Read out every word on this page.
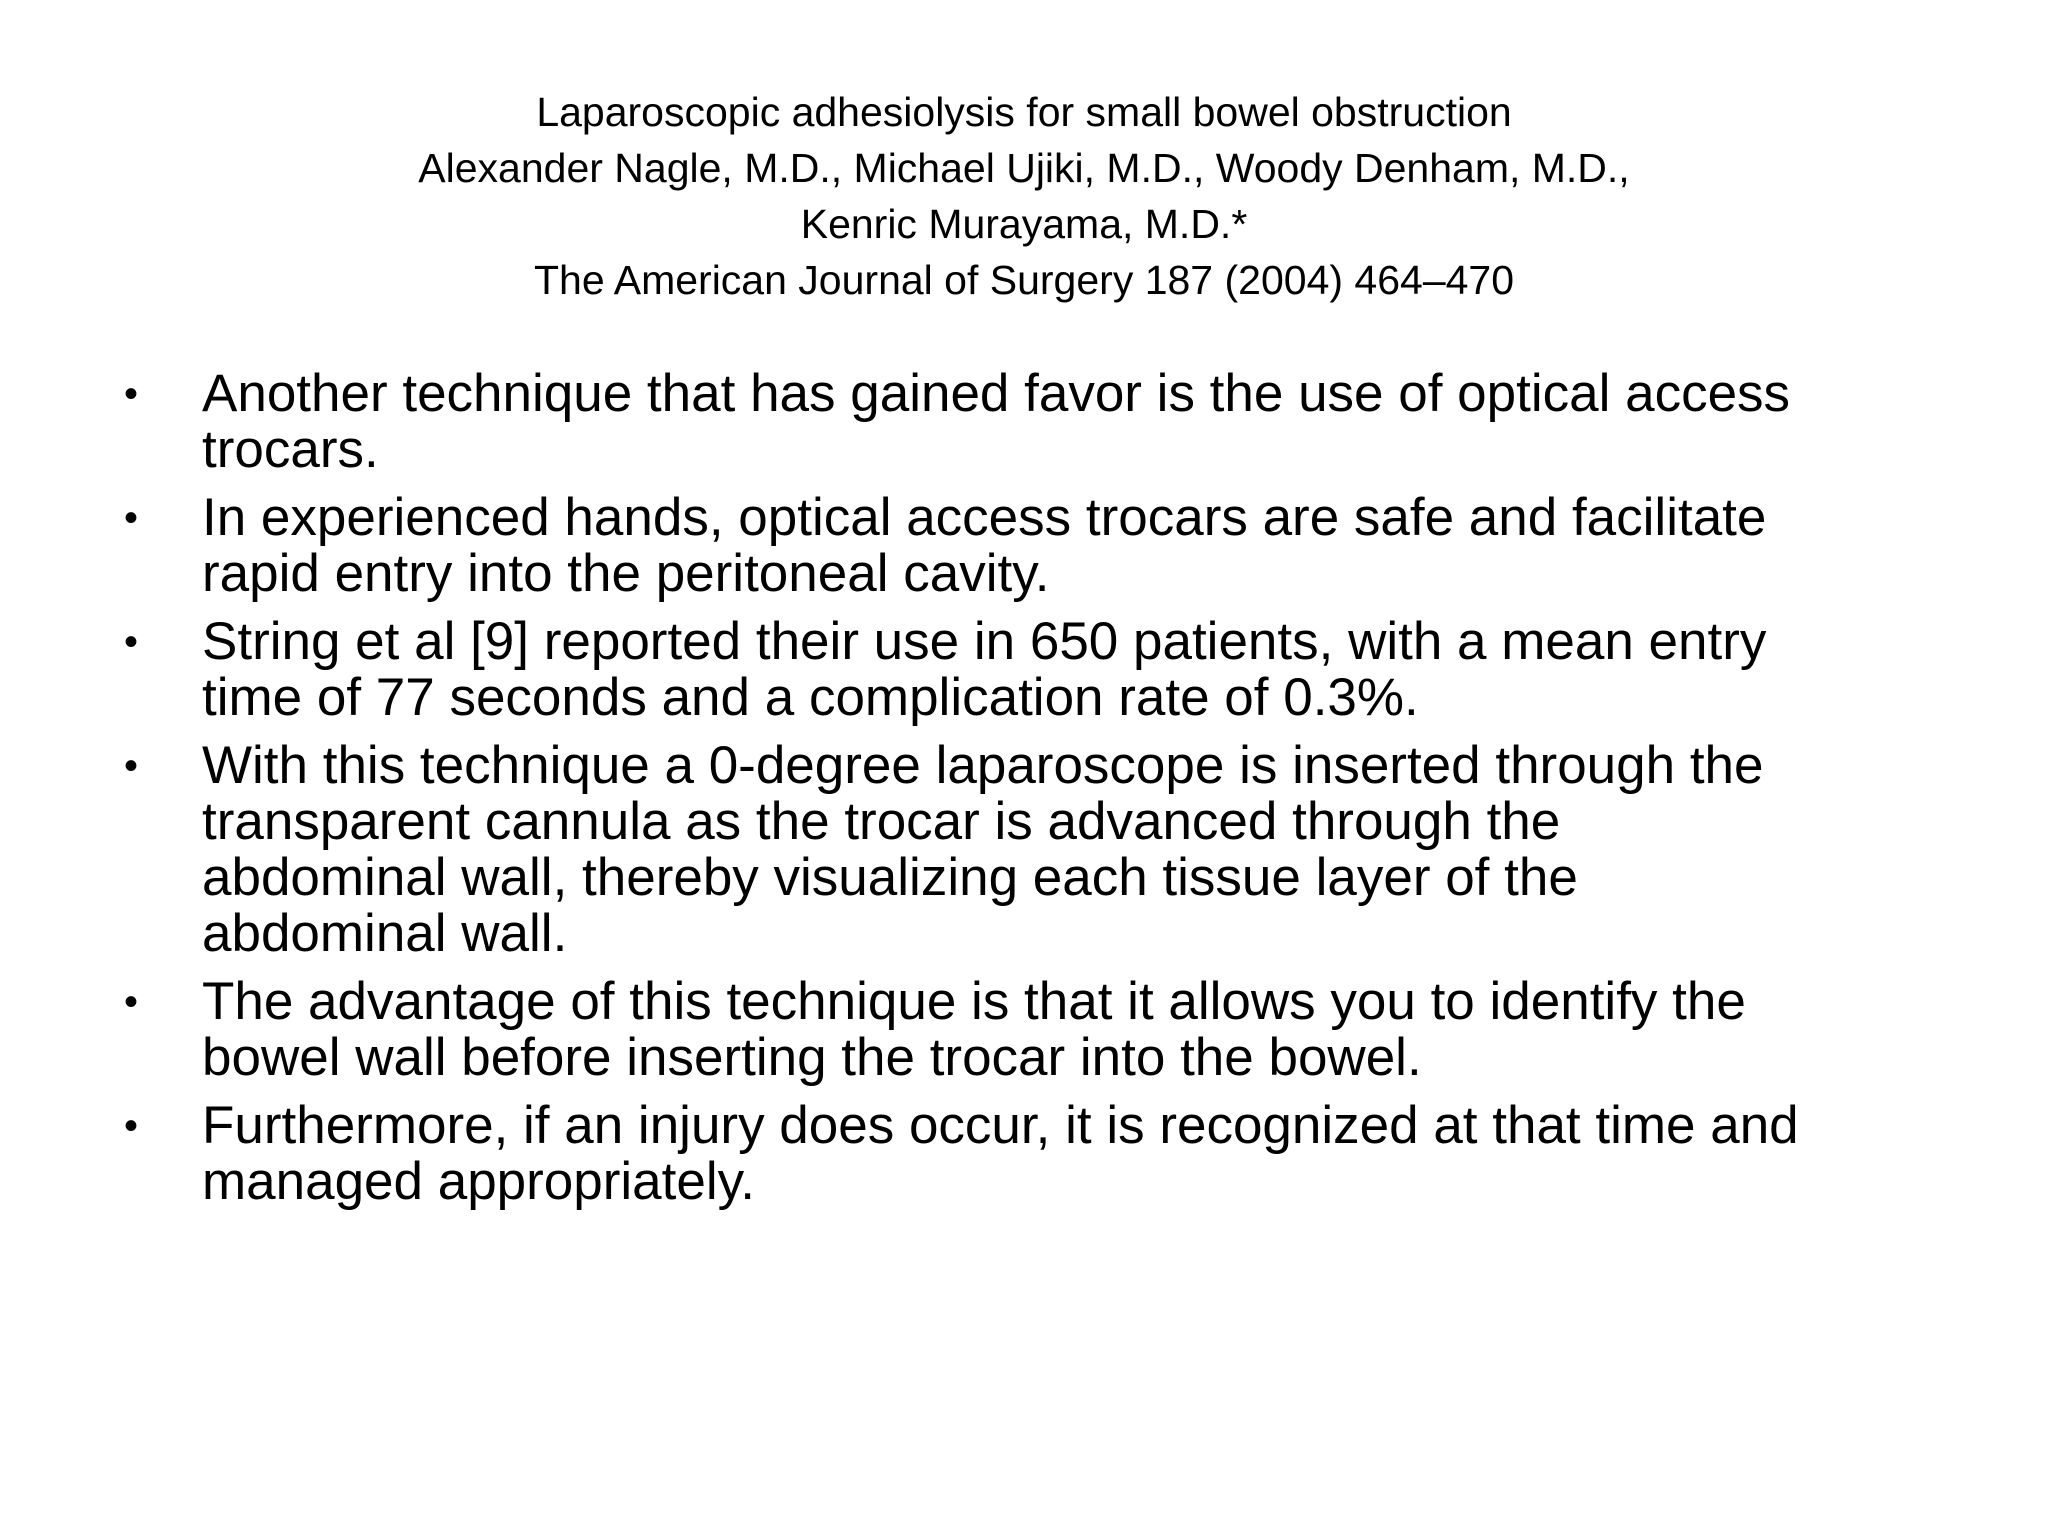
Laparoscopic adhesiolysis for small bowel obstruction
Alexander Nagle, M.D., Michael Ujiki, M.D., Woody Denham, M.D.,
Kenric Murayama, M.D.*
The American Journal of Surgery 187 (2004) 464–470
• Another technique that has gained favor is the use of optical access
trocars.
• In experienced hands, optical access trocars are safe and facilitate
rapid entry into the peritoneal cavity.
• String et al [9] reported their use in 650 patients, with a mean entry
time of 77 seconds and a complication rate of 0.3%.
• With this technique a 0-degree laparoscope is inserted through the
transparent cannula as the trocar is advanced through the
abdominal wall, thereby visualizing each tissue layer of the
abdominal wall.
• The advantage of this technique is that it allows you to identify the
bowel wall before inserting the trocar into the bowel.
• Furthermore, if an injury does occur, it is recognized at that time and
managed appropriately.
